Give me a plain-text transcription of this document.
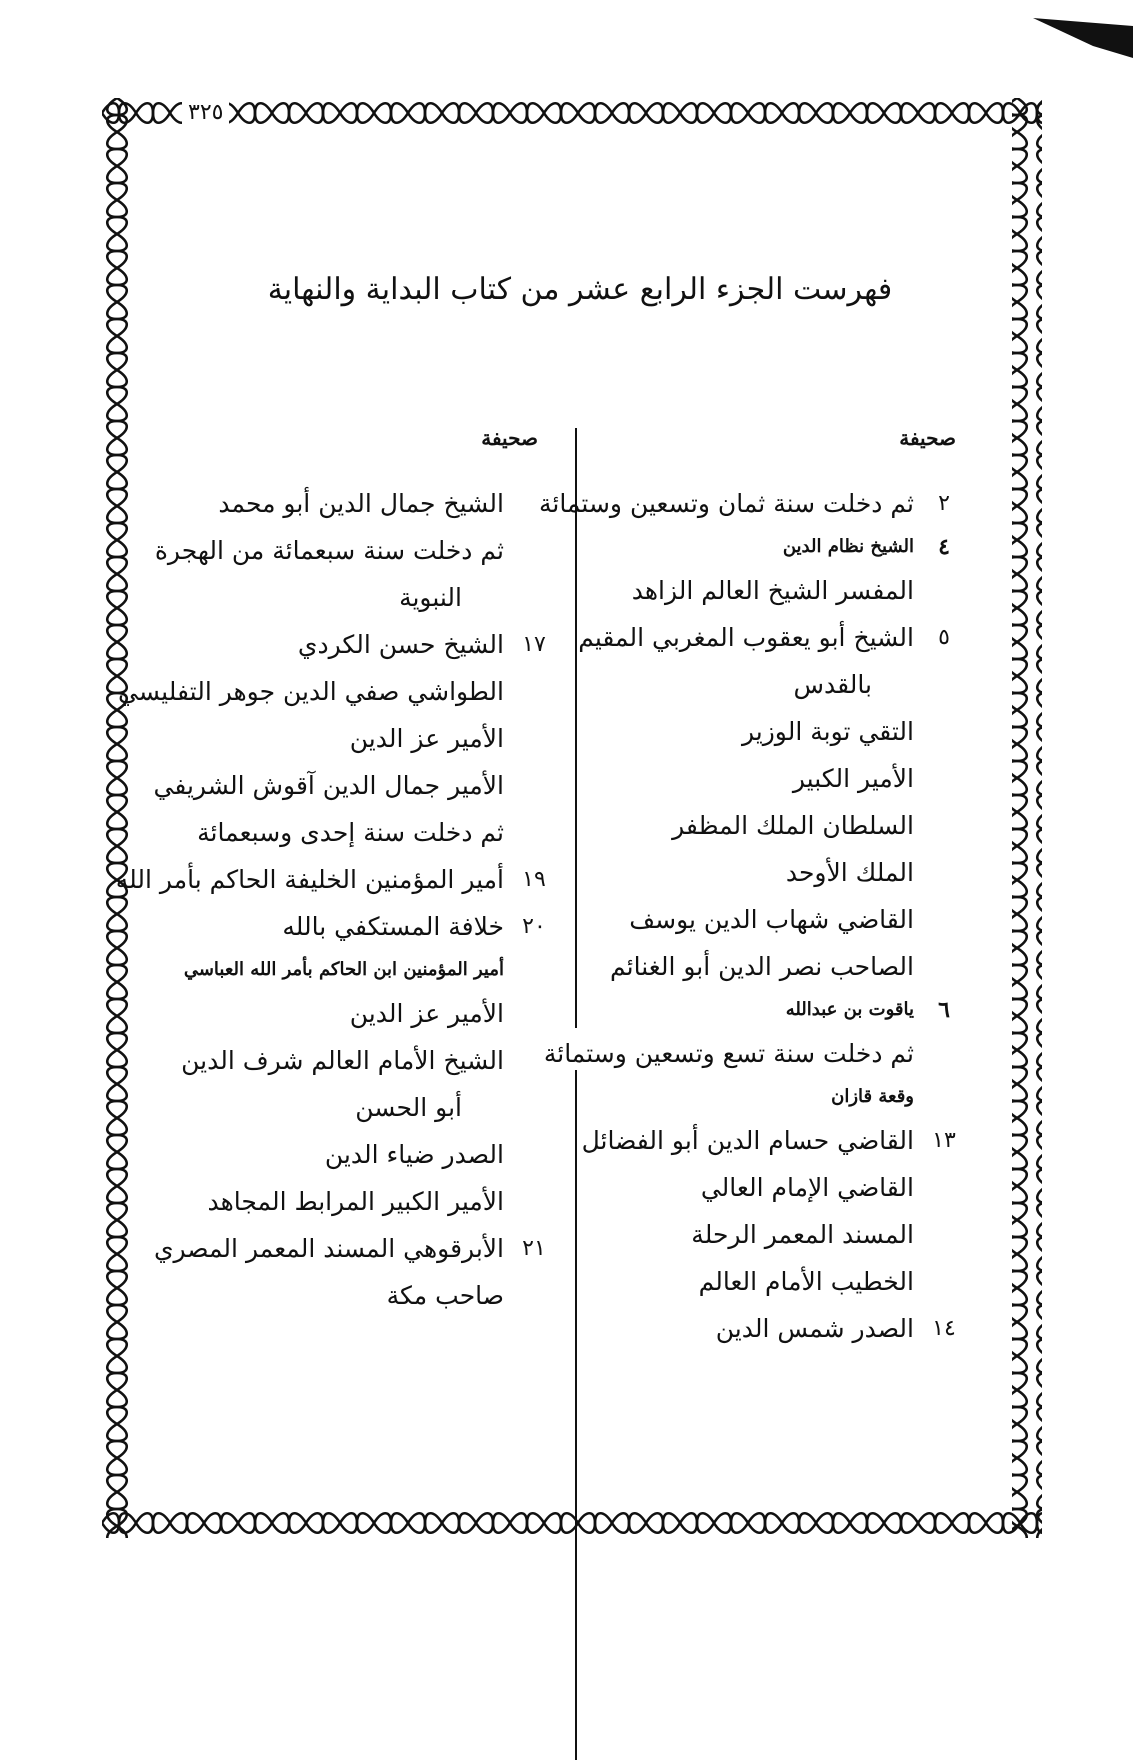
٣٢٥
فهرست الجزء الرابع عشر من كتاب البداية والنهاية
صحيفة
صحيفة
٢
ثم دخلت سنة ثمان وتسعين وستمائة
٤
الشيخ نظام الدين
المفسر الشيخ العالم الزاهد
٥
الشيخ أبو يعقوب المغربي المقيم
بالقدس
التقي توبة الوزير
الأمير الكبير
السلطان الملك المظفر
الملك الأوحد
القاضي شهاب الدين يوسف
الصاحب نصر الدين أبو الغنائم
٦
ياقوت بن عبدالله
ثم دخلت سنة تسع وتسعين وستمائة
وقعة قازان
١٣
القاضي حسام الدين أبو الفضائل
القاضي الإمام العالي
المسند المعمر الرحلة
الخطيب الأمام العالم
١٤
الصدر شمس الدين
الشيخ جمال الدين أبو محمد
ثم دخلت سنة سبعمائة من الهجرة
النبوية
١٧
الشيخ حسن الكردي
الطواشي صفي الدين جوهر التفليسي
الأمير عز الدين
الأمير جمال الدين آقوش الشريفي
ثم دخلت سنة إحدى وسبعمائة
١٩
أمير المؤمنين الخليفة الحاكم بأمر الله
٢٠
خلافة المستكفي بالله
أمير المؤمنين ابن الحاكم بأمر الله العباسي
الأمير عز الدين
الشيخ الأمام العالم شرف الدين
أبو الحسن
الصدر ضياء الدين
الأمير الكبير المرابط المجاهد
٢١
الأبرقوهي المسند المعمر المصري
صاحب مكة
